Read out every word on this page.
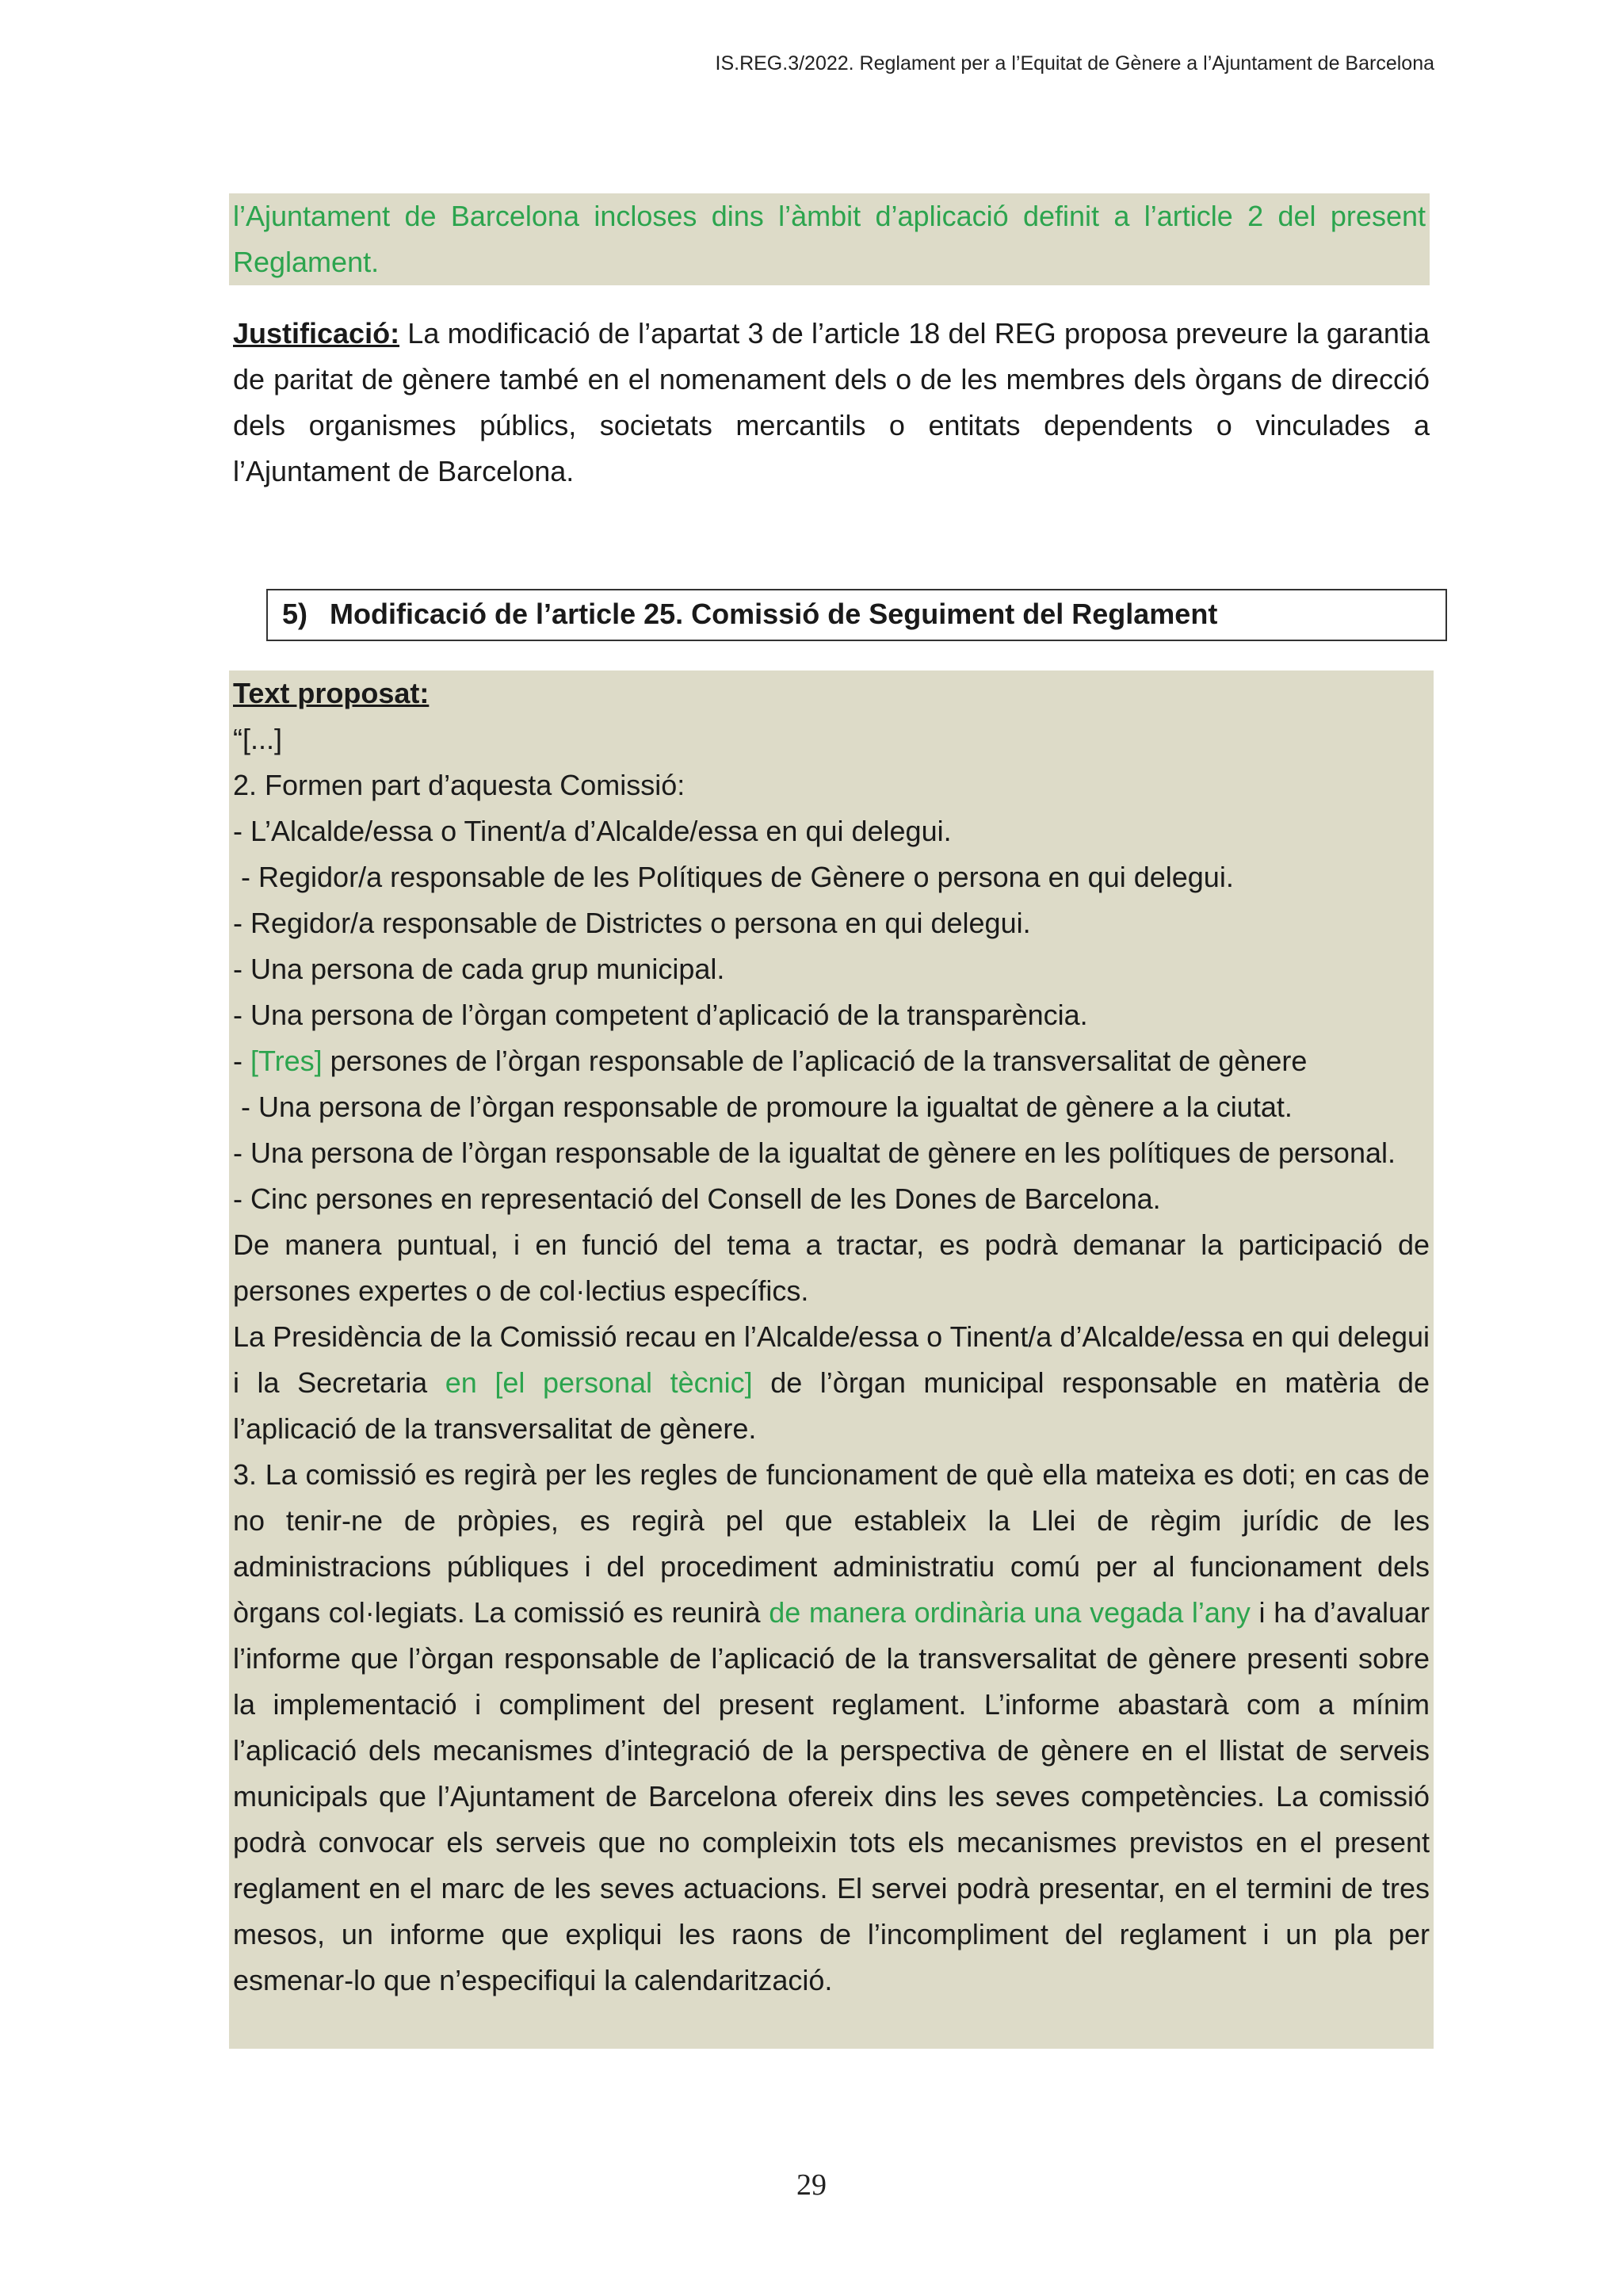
IS.REG.3/2022. Reglament per a l’Equitat de Gènere a l’Ajuntament de Barcelona

l’Ajuntament de Barcelona incloses dins l’àmbit d’aplicació definit a l’article 2 del present Reglament.

Justificació: La modificació de l’apartat 3 de l’article 18 del REG proposa preveure la garantia de paritat de gènere també en el nomenament dels o de les membres dels òrgans de direcció dels organismes públics, societats mercantils o entitats dependents o vinculades a l’Ajuntament de Barcelona.

5) Modificació de l’article 25. Comissió de Seguiment del Reglament

Text proposat:

“[...]

2. Formen part d’aquesta Comissió:

- L’Alcalde/essa o Tinent/a d’Alcalde/essa en qui delegui.

- Regidor/a responsable de les Polítiques de Gènere o persona en qui delegui.

- Regidor/a responsable de Districtes o persona en qui delegui.

- Una persona de cada grup municipal.

- Una persona de l’òrgan competent d’aplicació de la transparència.

- [Tres] persones de l’òrgan responsable de l’aplicació de la transversalitat de gènere

- Una persona de l’òrgan responsable de promoure la igualtat de gènere a la ciutat.

- Una persona de l’òrgan responsable de la igualtat de gènere en les polítiques de personal.

- Cinc persones en representació del Consell de les Dones de Barcelona.

De manera puntual, i en funció del tema a tractar, es podrà demanar la participació de persones expertes o de col·lectius específics.

La Presidència de la Comissió recau en l’Alcalde/essa o Tinent/a d’Alcalde/essa en qui delegui i la Secretaria en [el personal tècnic] de l’òrgan municipal responsable en matèria de l’aplicació de la transversalitat de gènere.

3. La comissió es regirà per les regles de funcionament de què ella mateixa es doti; en cas de no tenir-ne de pròpies, es regirà pel que estableix la Llei de règim jurídic de les administracions públiques i del procediment administratiu comú per al funcionament dels òrgans col·legiats. La comissió es reunirà de manera ordinària una vegada l’any i ha d’avaluar l’informe que l’òrgan responsable de l’aplicació de la transversalitat de gènere presenti sobre la implementació i compliment del present reglament. L’informe abastarà com a mínim l’aplicació dels mecanismes d’integració de la perspectiva de gènere en el llistat de serveis municipals que l’Ajuntament de Barcelona ofereix dins les seves competències. La comissió podrà convocar els serveis que no compleixin tots els mecanismes previstos en el present reglament en el marc de les seves actuacions. El servei podrà presentar, en el termini de tres mesos, un informe que expliqui les raons de l’incompliment del reglament i un pla per esmenar-lo que n’especifiqui la calendarització.

29
